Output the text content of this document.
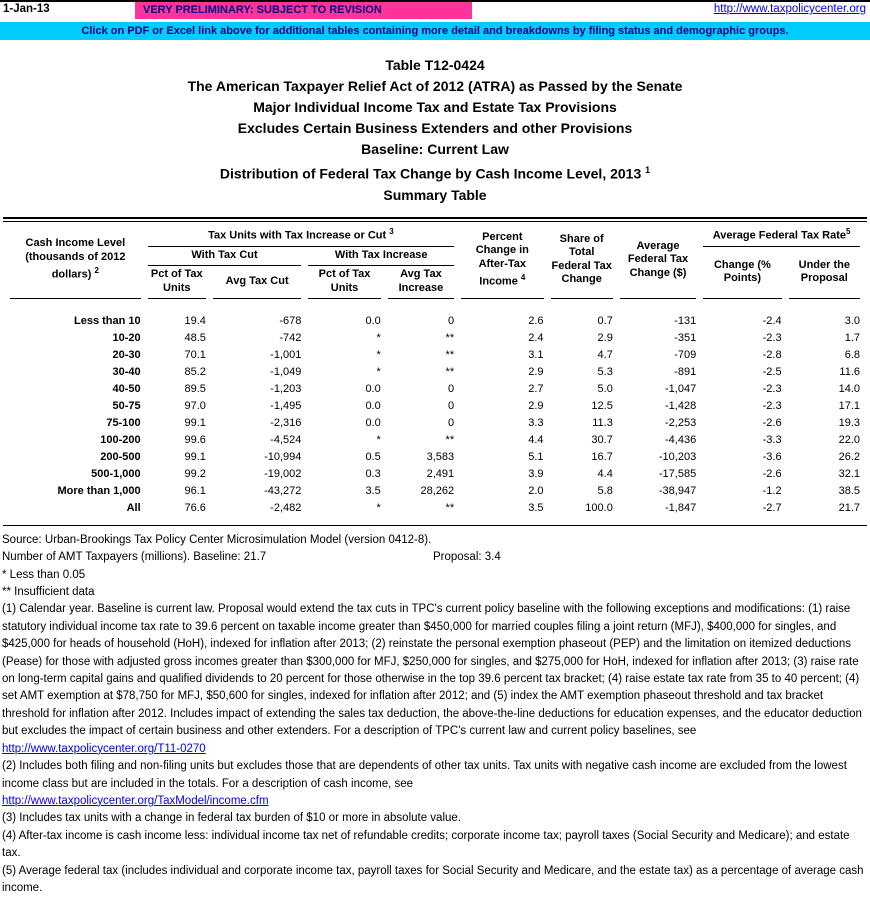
1-Jan-13	VERY PRELIMINARY: SUBJECT TO REVISION	http://www.taxpolicycenter.org
Click on PDF or Excel link above for additional tables containing more detail and breakdowns by filing status and demographic groups.
Table T12-0424
The American Taxpayer Relief Act of 2012 (ATRA) as Passed by the Senate
Major Individual Income Tax and Estate Tax Provisions
Excludes Certain Business Extenders and other Provisions
Baseline: Current Law
Distribution of Federal Tax Change by Cash Income Level, 2013 $^1$
Summary Table
Cash Income Level (thousands of 2012 dollars) $^2$	Tax Units with Tax Increase or Cut $^3$				Percent Change in After-Tax Income $^4$	Share of Total Federal Tax Change	Average Federal Tax Change ($)	Average Federal Tax Rate$^5$
	With Tax Cut		With Tax Increase					Change (% Points)	Under the Proposal
	Pct of Tax Units	Avg Tax Cut	Pct of Tax Units	Avg Tax Increase					
Less than 10	19.4	-678	0.0	0	2.6	0.7	-131	-2.4	3.0
10-20	48.5	-742	*	**	2.4	2.9	-351	-2.3	1.7
20-30	70.1	-1,001	*	**	3.1	4.7	-709	-2.8	6.8
30-40	85.2	-1,049	*	**	2.9	5.3	-891	-2.5	11.6
40-50	89.5	-1,203	0.0	0	2.7	5.0	-1,047	-2.3	14.0
50-75	97.0	-1,495	0.0	0	2.9	12.5	-1,428	-2.3	17.1
75-100	99.1	-2,316	0.0	0	3.3	11.3	-2,253	-2.6	19.3
100-200	99.6	-4,524	*	**	4.4	30.7	-4,436	-3.3	22.0
200-500	99.1	-10,994	0.5	3,583	5.1	16.7	-10,203	-3.6	26.2
500-1,000	99.2	-19,002	0.3	2,491	3.9	4.4	-17,585	-2.6	32.1
More than 1,000	96.1	-43,272	3.5	28,262	2.0	5.8	-38,947	-1.2	38.5
All	76.6	-2,482	*	**	3.5	100.0	-1,847	-2.7	21.7
Source: Urban-Brookings Tax Policy Center Microsimulation Model (version 0412-8).
Number of AMT Taxpayers (millions). Baseline: 21.7	Proposal: 3.4
* Less than 0.05
** Insufficient data
(1) Calendar year. Baseline is current law. Proposal would extend the tax cuts in TPC's current policy baseline with the following exceptions and modifications: (1) raise statutory individual income tax rate to 39.6 percent on taxable income greater than $450,000 for married couples filing a joint return (MFJ), $400,000 for singles, and $425,000 for heads of household (HoH), indexed for inflation after 2013; (2) reinstate the personal exemption phaseout (PEP) and the limitation on itemized deductions (Pease) for those with adjusted gross incomes greater than $300,000 for MFJ, $250,000 for singles, and $275,000 for HoH, indexed for inflation after 2013; (3) raise rate on long-term capital gains and qualified dividends to 20 percent for those otherwise in the top 39.6 percent tax bracket; (4) raise estate tax rate from 35 to 40 percent; (4) set AMT exemption at $78,750 for MFJ, $50,600 for singles, indexed for inflation after 2012; and (5) index the AMT exemption phaseout threshold and tax bracket threshold for inflation after 2012. Includes impact of extending the sales tax deduction, the above-the-line deductions for education expenses, and the educator deduction but excludes the impact of certain business and other extenders. For a description of TPC's current law and current policy baselines, see
http://www.taxpolicycenter.org/T11-0270
(2) Includes both filing and non-filing units but excludes those that are dependents of other tax units. Tax units with negative cash income are excluded from the lowest income class but are included in the totals. For a description of cash income, see
http://www.taxpolicycenter.org/TaxModel/income.cfm
(3) Includes tax units with a change in federal tax burden of $10 or more in absolute value.
(4) After-tax income is cash income less: individual income tax net of refundable credits; corporate income tax; payroll taxes (Social Security and Medicare); and estate tax.
(5) Average federal tax (includes individual and corporate income tax, payroll taxes for Social Security and Medicare, and the estate tax) as a percentage of average cash income.
